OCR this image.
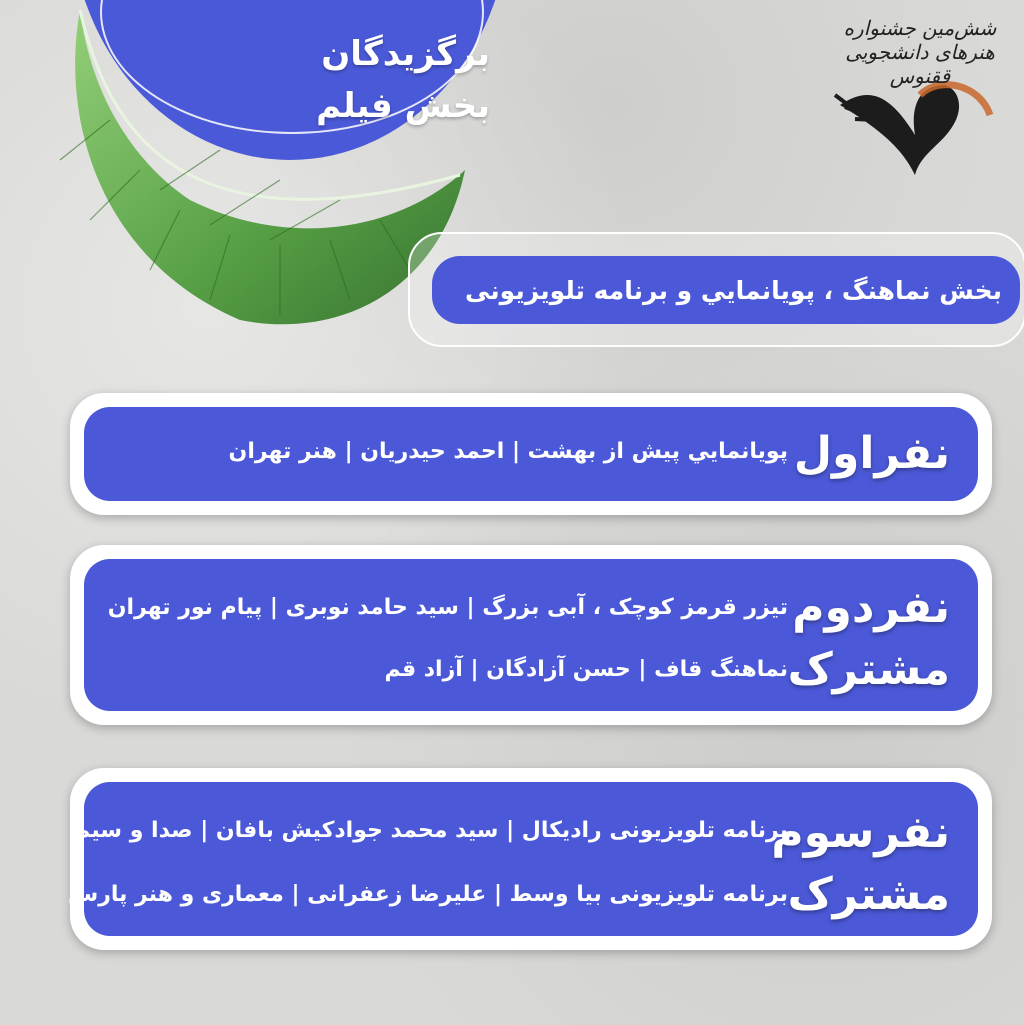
برگزیدگان
بخش فیلم
شش‌مین جشنواره هنرهای دانشجویی ققنوس
بخش نماهنگ ، پویانمایي و برنامه تلویزیونی
نفراول
پویانمایي پیش از بهشت | احمد حیدریان | هنر تهران
نفردوم
مشترک
تیزر قرمز کوچک ، آبی بزرگ | سید حامد نوبری | پیام نور تهران
نماهنگ قاف | حسن آزادگان | آزاد قم
نفرسوم
مشترک
برنامه تلویزیونی رادیکال | سید محمد جوادکیش بافان | صدا و سیما
برنامه تلویزیونی بیا وسط | علیرضا زعفرانی | معماری و هنر پارس
